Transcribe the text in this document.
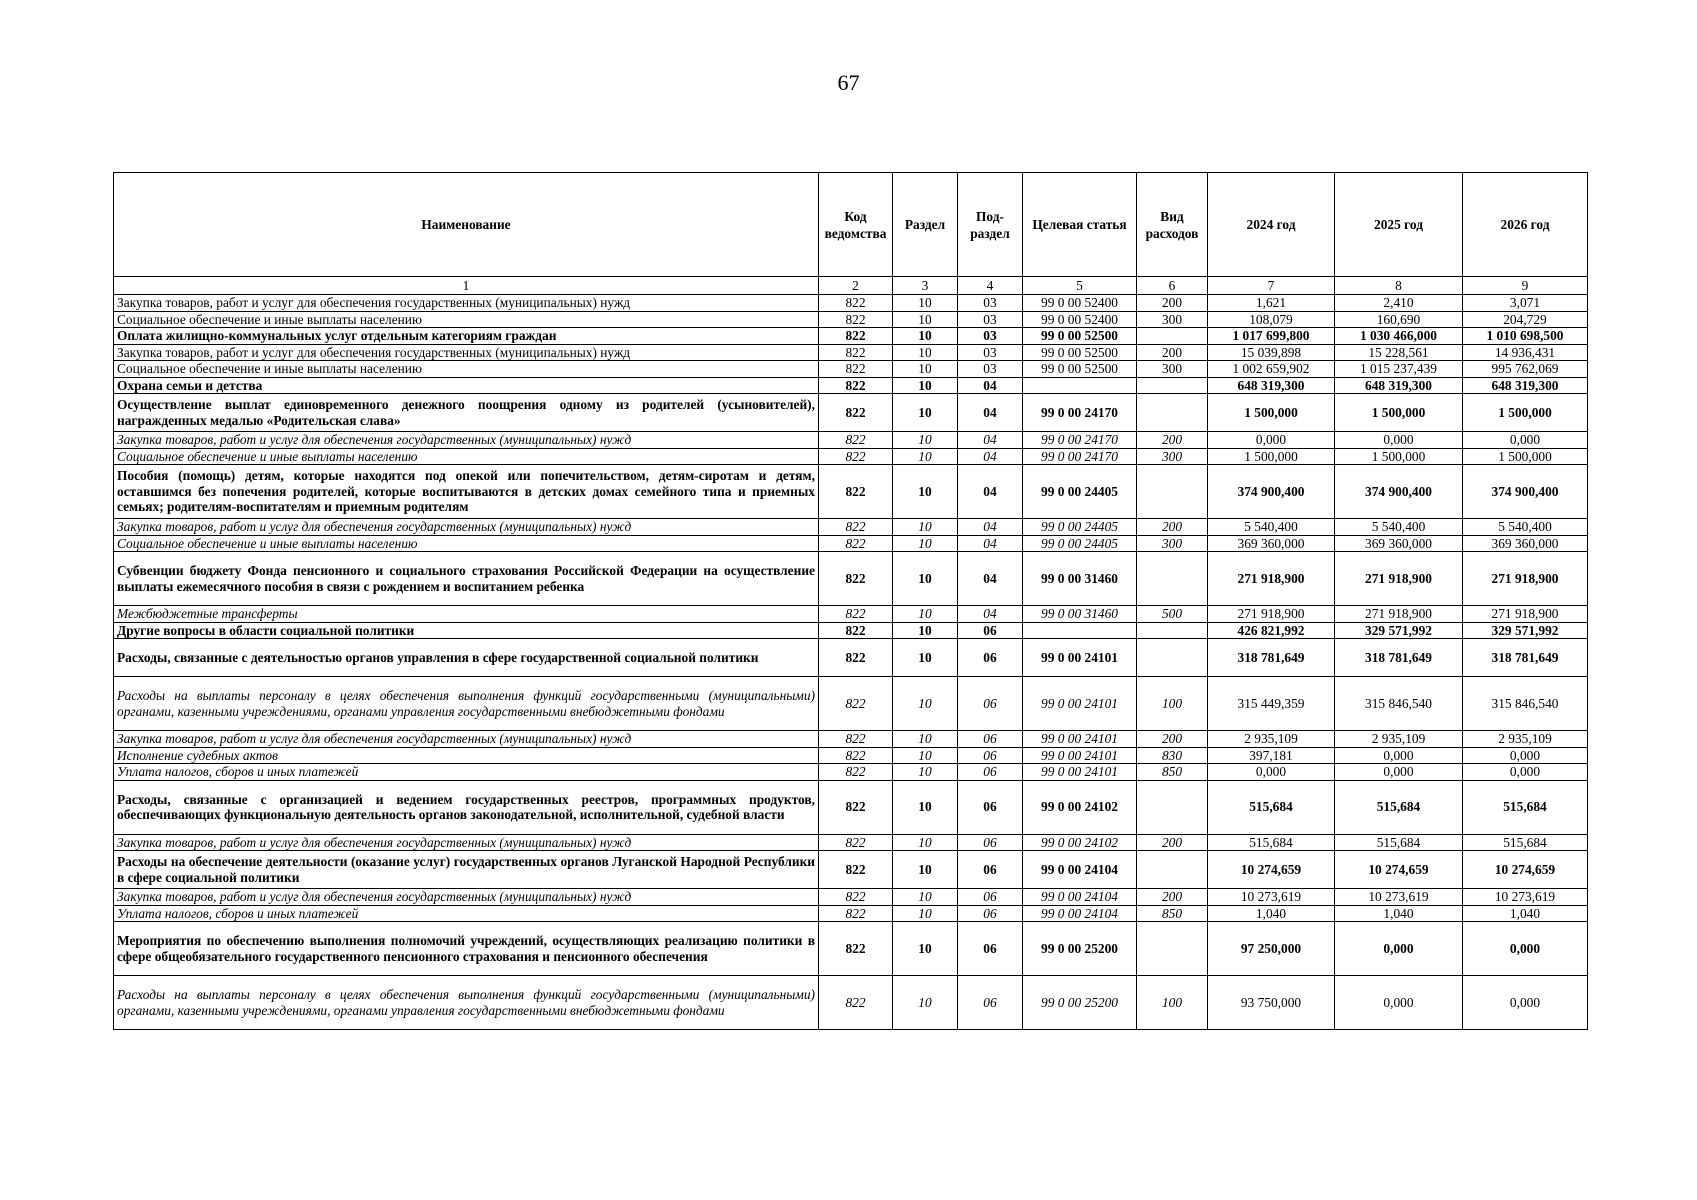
67
Наименование	Код ведомства	Раздел	Под-раздел	Целевая статья	Вид расходов	2024 год	2025 год	2026 год
1	2	3	4	5	6	7	8	9
Закупка товаров, работ и услуг для обеспечения государственных (муниципальных) нужд	822	10	03	99 0 00 52400	200	1,621	2,410	3,071
Социальное обеспечение и иные выплаты населению	822	10	03	99 0 00 52400	300	108,079	160,690	204,729
Оплата жилищно-коммунальных услуг отдельным категориям граждан	822	10	03	99 0 00 52500		1 017 699,800	1 030 466,000	1 010 698,500
Закупка товаров, работ и услуг для обеспечения государственных (муниципальных) нужд	822	10	03	99 0 00 52500	200	15 039,898	15 228,561	14 936,431
Социальное обеспечение и иные выплаты населению	822	10	03	99 0 00 52500	300	1 002 659,902	1 015 237,439	995 762,069
Охрана семьи и детства	822	10	04			648 319,300	648 319,300	648 319,300
Осуществление выплат единовременного денежного поощрения одному из родителей (усыновителей), награжденных медалью «Родительская слава»	822	10	04	99 0 00 24170		1 500,000	1 500,000	1 500,000
Закупка товаров, работ и услуг для обеспечения государственных (муниципальных) нужд	822	10	04	99 0 00 24170	200	0,000	0,000	0,000
Социальное обеспечение и иные выплаты населению	822	10	04	99 0 00 24170	300	1 500,000	1 500,000	1 500,000
Пособия (помощь) детям, которые находятся под опекой или попечительством, детям-сиротам и детям, оставшимся без попечения родителей, которые воспитываются в детских домах семейного типа и приемных семьях; родителям-воспитателям и приемным родителям	822	10	04	99 0 00 24405		374 900,400	374 900,400	374 900,400
Закупка товаров, работ и услуг для обеспечения государственных (муниципальных) нужд	822	10	04	99 0 00 24405	200	5 540,400	5 540,400	5 540,400
Социальное обеспечение и иные выплаты населению	822	10	04	99 0 00 24405	300	369 360,000	369 360,000	369 360,000
Субвенции бюджету Фонда пенсионного и социального страхования Российской Федерации на осуществление выплаты ежемесячного пособия в связи с рождением и воспитанием ребенка	822	10	04	99 0 00 31460		271 918,900	271 918,900	271 918,900
Межбюджетные трансферты	822	10	04	99 0 00 31460	500	271 918,900	271 918,900	271 918,900
Другие вопросы в области социальной политики	822	10	06			426 821,992	329 571,992	329 571,992
Расходы, связанные с деятельностью органов управления в сфере государственной социальной политики	822	10	06	99 0 00 24101		318 781,649	318 781,649	318 781,649
Расходы на выплаты персоналу в целях обеспечения выполнения функций государственными (муниципальными) органами, казенными учреждениями, органами управления государственными внебюджетными фондами	822	10	06	99 0 00 24101	100	315 449,359	315 846,540	315 846,540
Закупка товаров, работ и услуг для обеспечения государственных (муниципальных) нужд	822	10	06	99 0 00 24101	200	2 935,109	2 935,109	2 935,109
Исполнение судебных актов	822	10	06	99 0 00 24101	830	397,181	0,000	0,000
Уплата налогов, сборов и иных платежей	822	10	06	99 0 00 24101	850	0,000	0,000	0,000
Расходы, связанные с организацией и ведением государственных реестров, программных продуктов, обеспечивающих функциональную деятельность органов законодательной, исполнительной, судебной власти	822	10	06	99 0 00 24102		515,684	515,684	515,684
Закупка товаров, работ и услуг для обеспечения государственных (муниципальных) нужд	822	10	06	99 0 00 24102	200	515,684	515,684	515,684
Расходы на обеспечение деятельности (оказание услуг) государственных органов Луганской Народной Республики в сфере социальной политики	822	10	06	99 0 00 24104		10 274,659	10 274,659	10 274,659
Закупка товаров, работ и услуг для обеспечения государственных (муниципальных) нужд	822	10	06	99 0 00 24104	200	10 273,619	10 273,619	10 273,619
Уплата налогов, сборов и иных платежей	822	10	06	99 0 00 24104	850	1,040	1,040	1,040
Мероприятия по обеспечению выполнения полномочий учреждений, осуществляющих реализацию политики в сфере общеобязательного государственного пенсионного страхования и пенсионного обеспечения	822	10	06	99 0 00 25200		97 250,000	0,000	0,000
Расходы на выплаты персоналу в целях обеспечения выполнения функций государственными (муниципальными) органами, казенными учреждениями, органами управления государственными внебюджетными фондами	822	10	06	99 0 00 25200	100	93 750,000	0,000	0,000
